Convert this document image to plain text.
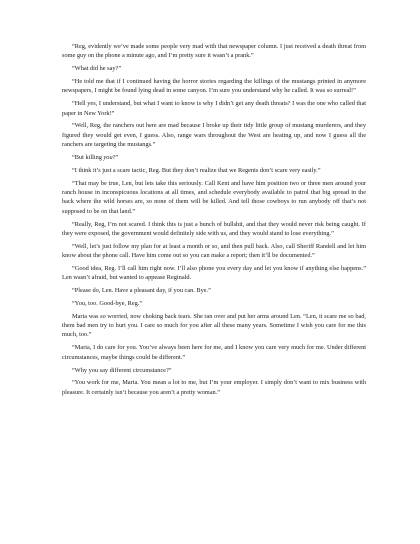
“Reg, evidently we’ve made some people very mad with that newspaper column. I just received a death threat from some guy on the phone a minute ago, and I’m pretty sure it wasn’t a prank.”

“What did he say?”

“He told me that if I continued having the horror stories regarding the killings of the mustangs printed in anymore newspapers, I might be found lying dead in some canyon. I’m sure you understand why he called. It was so surreal!”

“Hell yes, I understand, but what I want to know is why I didn’t get any death threats? I was the one who called that paper in New York!”

“Well, Reg, the ranchers out here are mad because I broke up their tidy little group of mustang murderers, and they figured they would get even, I guess. Also, range wars throughout the West are heating up, and now I guess all the ranchers are targeting the mustangs.”

“But killing you?”

“I think it’s just a scare tactic, Reg. But they don’t realize that we Regents don’t scare very easily.”

“That may be true, Len, but lets take this seriously. Call Kent and have him position two or three men around your ranch house in inconspicuous locations at all times, and schedule everybody available to patrol that big spread in the back where the wild horses are, so none of them will be killed. And tell those cowboys to run anybody off that’s not supposed to be on that land.”

“Really, Reg, I’m not scared. I think this is just a bunch of bullshit, and that they would never risk being caught. If they were exposed, the government would definitely side with us, and they would stand to lose everything.”

“Well, let’s just follow my plan for at least a month or so, and then pull back. Also, call Sheriff Randell and let him know about the phone call. Have him come out so you can make a report; then it’ll be documented.”

“Good idea, Reg. I’ll call him right now. I’ll also phone you every day and let you know if anything else happens.” Len wasn’t afraid, but wanted to appease Reginald.

“Please do, Len. Have a pleasant day, if you can. Bye.”

“You, too. Good-bye, Reg.”

Maria was so worried, now choking back tears. She ran over and put her arms around Len. “Len, it scare me so bad, them bad men try to hurt you. I care so much for you after all these many years. Sometime I wish you care for me this much, too.”

“Maria, I do care for you. You’ve always been here for me, and I know you care very much for me. Under different circumstances, maybe things could be different.”

“Why you say different circumstance?”

“You work for me, Maria. You mean a lot to me, but I’m your employer. I simply don’t want to mix business with pleasure. It certainly isn’t because you aren’t a pretty woman.”
